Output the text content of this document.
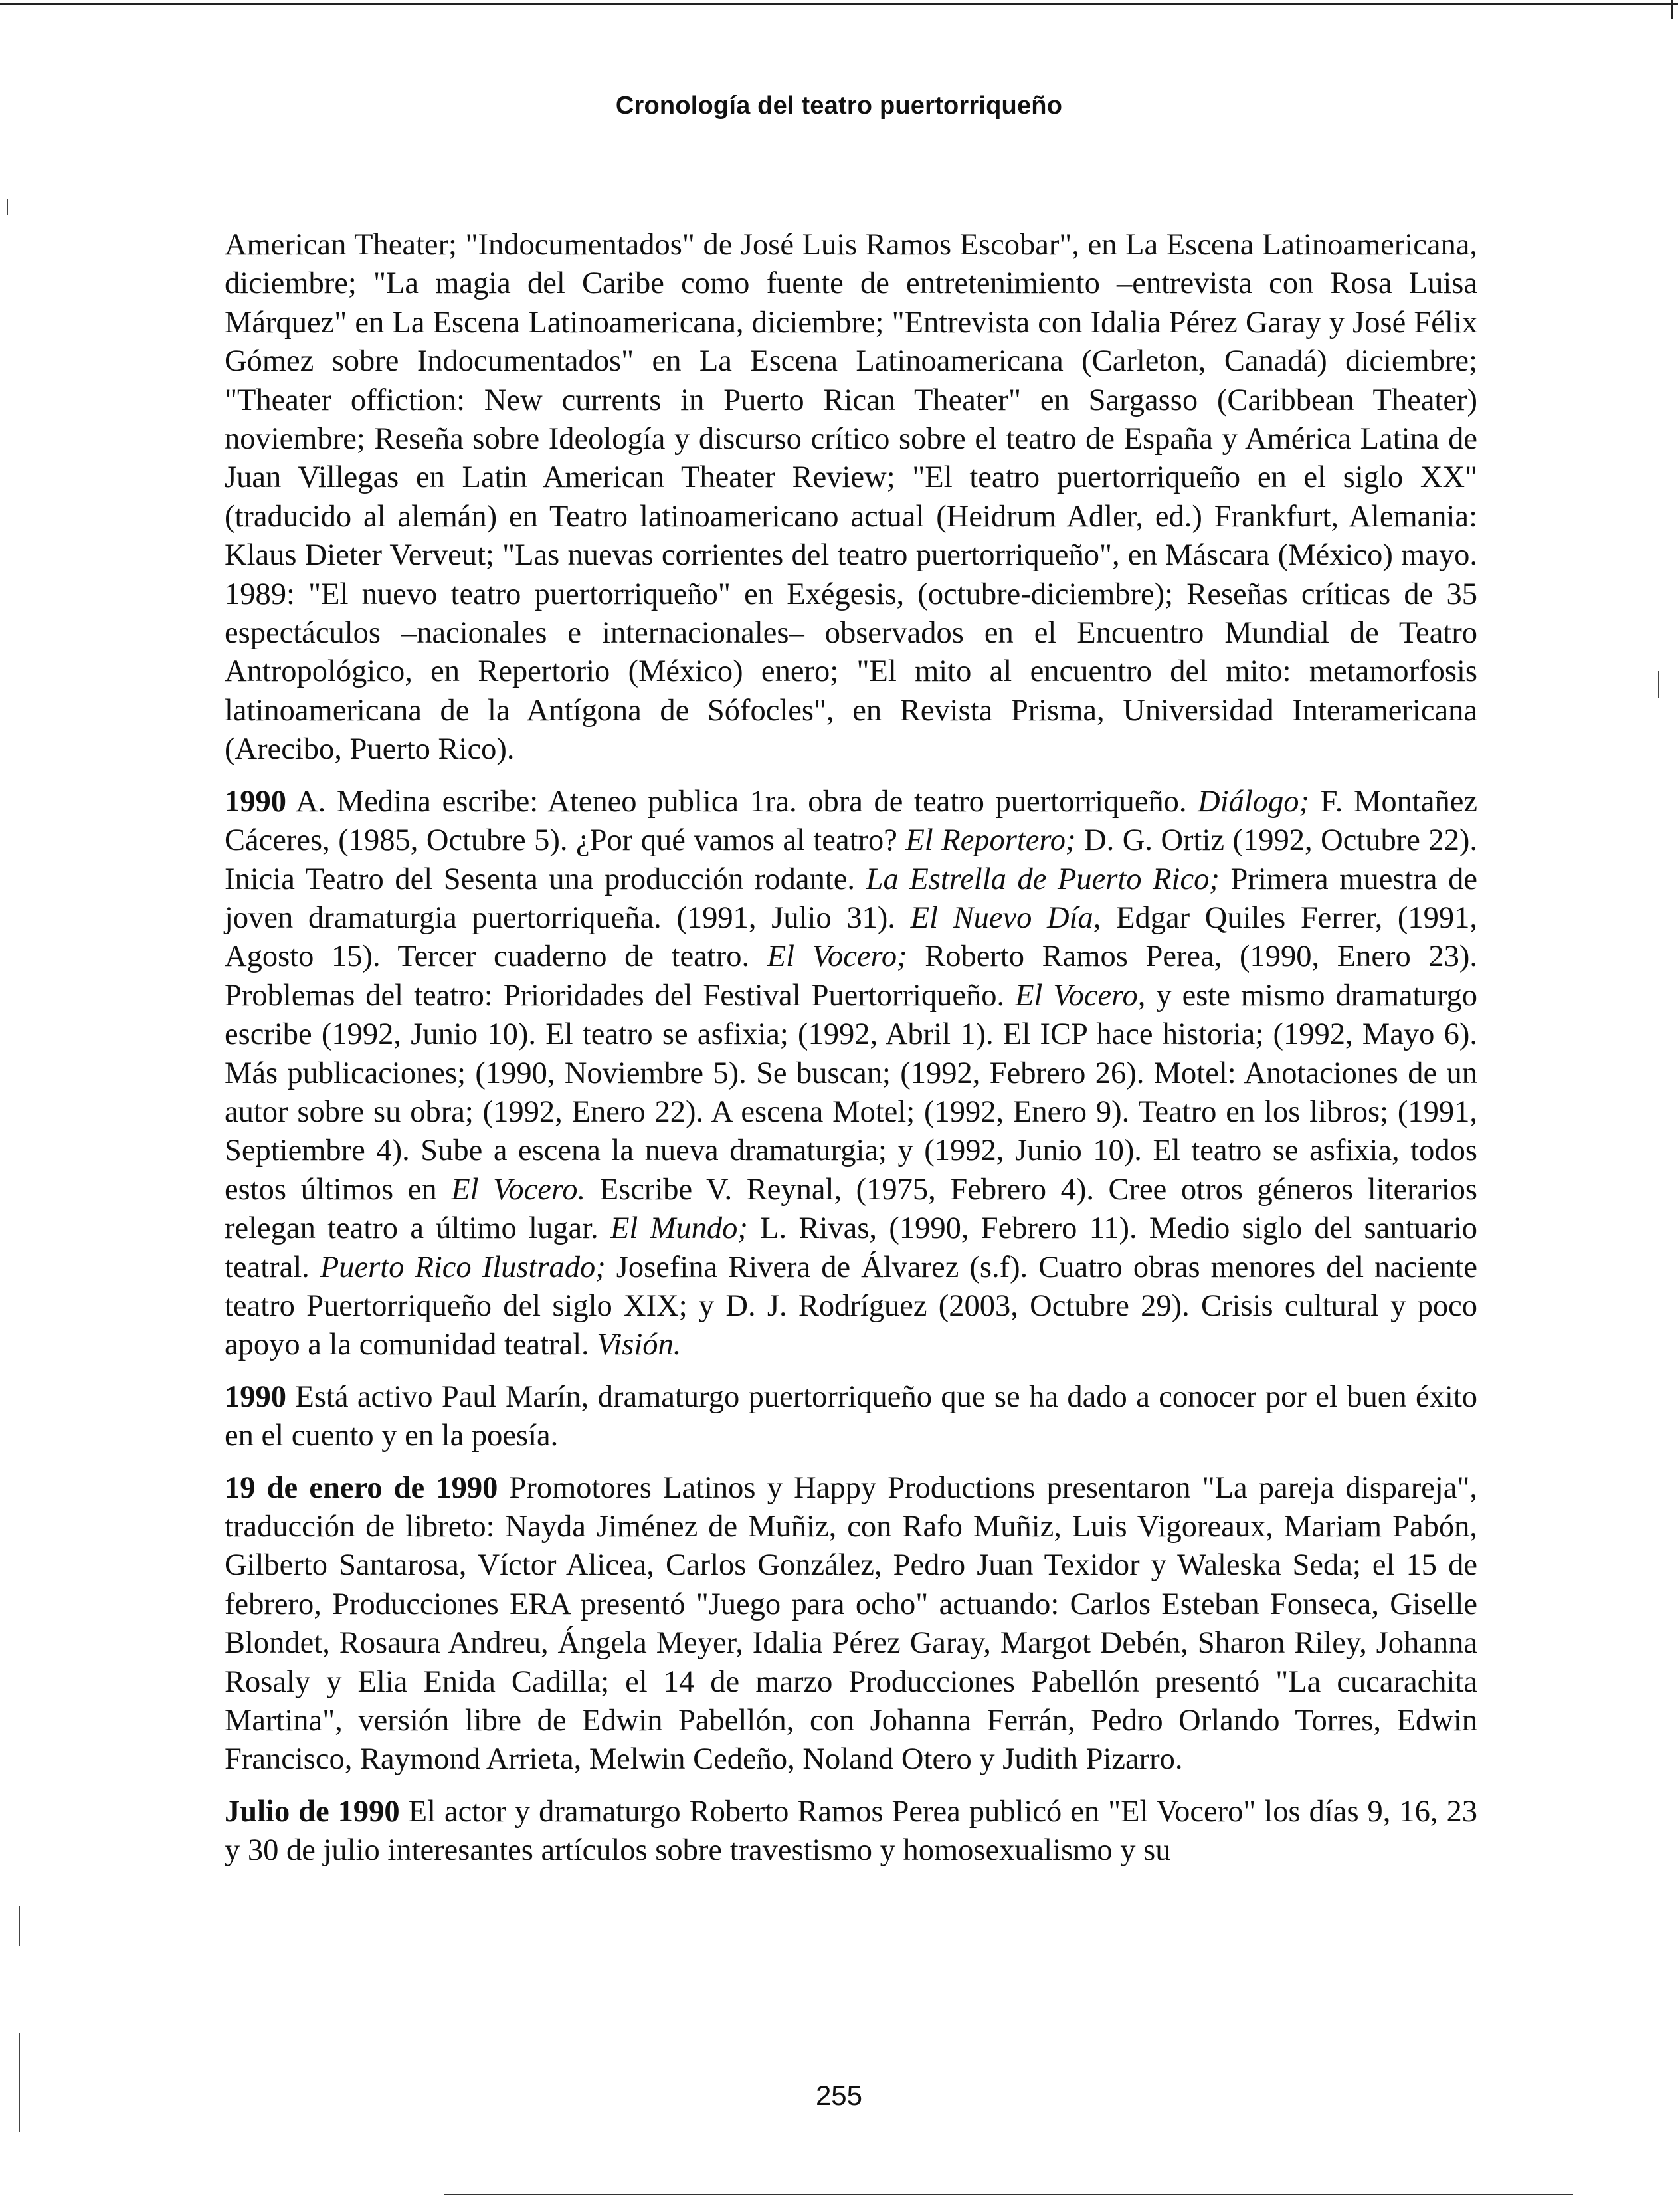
Cronología del teatro puertorriqueño

American Theater; "Indocumentados" de José Luis Ramos Escobar", en La Escena Latinoamericana, diciembre; "La magia del Caribe como fuente de entretenimiento –entrevista con Rosa Luisa Márquez" en La Escena Latinoamericana, diciembre; "Entrevista con Idalia Pérez Garay y José Félix Gómez sobre Indocumentados" en La Escena Latinoamericana (Carleton, Canadá) diciembre; "Theater offiction: New currents in Puerto Rican Theater" en Sargasso (Caribbean Theater) noviembre; Reseña sobre Ideología y discurso crítico sobre el teatro de España y América Latina de Juan Villegas en Latin American Theater Review; "El teatro puertorriqueño en el siglo XX" (traducido al alemán) en Teatro latinoamericano actual (Heidrum Adler, ed.) Frankfurt, Alemania: Klaus Dieter Verveut; "Las nuevas corrientes del teatro puertorriqueño", en Máscara (México) mayo. 1989: "El nuevo teatro puertorriqueño" en Exégesis, (octubre-diciembre); Reseñas críticas de 35 espectáculos –nacionales e internacionales– observados en el Encuentro Mundial de Teatro Antropológico, en Repertorio (México) enero; "El mito al encuentro del mito: metamorfosis latinoamericana de la Antígona de Sófocles", en Revista Prisma, Universidad Interamericana (Arecibo, Puerto Rico).

1990 A. Medina escribe: Ateneo publica 1ra. obra de teatro puertorriqueño. Diálogo; F. Montañez Cáceres, (1985, Octubre 5). ¿Por qué vamos al teatro? El Reportero; D. G. Ortiz (1992, Octubre 22). Inicia Teatro del Sesenta una producción rodante. La Estrella de Puerto Rico; Primera muestra de joven dramaturgia puertorriqueña. (1991, Julio 31). El Nuevo Día, Edgar Quiles Ferrer, (1991, Agosto 15). Tercer cuaderno de teatro. El Vocero; Roberto Ramos Perea, (1990, Enero 23). Problemas del teatro: Prioridades del Festival Puertorriqueño. El Vocero, y este mismo dramaturgo escribe (1992, Junio 10). El teatro se asfixia; (1992, Abril 1). El ICP hace historia; (1992, Mayo 6). Más publicaciones; (1990, Noviembre 5). Se buscan; (1992, Febrero 26). Motel: Anotaciones de un autor sobre su obra; (1992, Enero 22). A escena Motel; (1992, Enero 9). Teatro en los libros; (1991, Septiembre 4). Sube a escena la nueva dramaturgia; y (1992, Junio 10). El teatro se asfixia, todos estos últimos en El Vocero. Escribe V. Reynal, (1975, Febrero 4). Cree otros géneros literarios relegan teatro a último lugar. El Mundo; L. Rivas, (1990, Febrero 11). Medio siglo del santuario teatral. Puerto Rico Ilustrado; Josefina Rivera de Álvarez (s.f). Cuatro obras menores del naciente teatro Puertorriqueño del siglo XIX; y D. J. Rodríguez (2003, Octubre 29). Crisis cultural y poco apoyo a la comunidad teatral. Visión.

1990 Está activo Paul Marín, dramaturgo puertorriqueño que se ha dado a conocer por el buen éxito en el cuento y en la poesía.

19 de enero de 1990 Promotores Latinos y Happy Productions presentaron "La pareja dispareja", traducción de libreto: Nayda Jiménez de Muñiz, con Rafo Muñiz, Luis Vigoreaux, Mariam Pabón, Gilberto Santarosa, Víctor Alicea, Carlos González, Pedro Juan Texidor y Waleska Seda; el 15 de febrero, Producciones ERA presentó "Juego para ocho" actuando: Carlos Esteban Fonseca, Giselle Blondet, Rosaura Andreu, Ángela Meyer, Idalia Pérez Garay, Margot Debén, Sharon Riley, Johanna Rosaly y Elia Enida Cadilla; el 14 de marzo Producciones Pabellón presentó "La cucarachita Martina", versión libre de Edwin Pabellón, con Johanna Ferrán, Pedro Orlando Torres, Edwin Francisco, Raymond Arrieta, Melwin Cedeño, Noland Otero y Judith Pizarro.

Julio de 1990 El actor y dramaturgo Roberto Ramos Perea publicó en "El Vocero" los días 9, 16, 23 y 30 de julio interesantes artículos sobre travestismo y homosexualismo y su

255
